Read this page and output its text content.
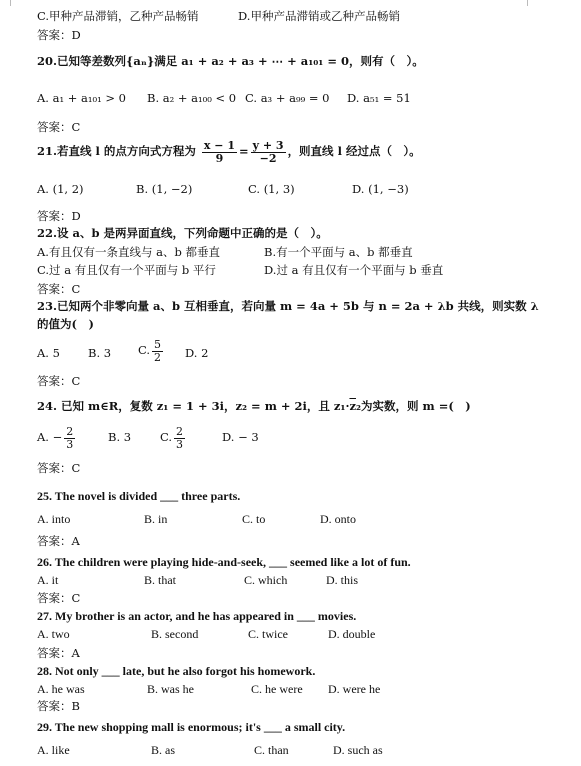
C.甲种产品滞销，乙种产品畅销	D.甲种产品滞销或乙种产品畅销
答案：D
20.已知等差数列{aₙ}满足 a₁ + a₂ + a₃ + ⋯ + a₁₀₁ = 0，则有（　）。
A. a₁ + a₁₀₁ > 0 B. a₂ + a₁₀₀ < 0 C. a₃ + a₉₉ = 0 D. a₅₁ = 51
答案：C
21.若直线 l 的点方向式方程为 $\frac{x - 1}{9} = \frac{y + 3}{-2}$ ，则直线 l 经过点（　）。
A. (1, 2)	B. (1, −2)	C. (1, 3)	D. (1, −3)
答案：D
22.设 a、b 是两异面直线，下列命题中正确的是（　）。
A.有且仅有一条直线与 a、b 都垂直	B.有一个平面与 a、b 都垂直
C.过 a 有且仅有一个平面与 b 平行	D.过 a 有且仅有一个平面与 b 垂直
答案：C
23.已知两个非零向量 a、b 互相垂直，若向量 m = 4a + 5b 与 n = 2a + λb 共线，则实数 λ
的值为(　)
A. 5 B. 3 C. $\frac{5}{2} D$. 2
答案：C
24. 已知 m∈R，复数 z₁ = 1 + 3i，z₂ = m + 2i，且 $z_1\cdot\overline{z}_2$为实数，则 m =(　)
A. − $\frac{2}{3}$	B. 3	C. $\frac{2}{3}$	D. − 3
答案：C
25. The novel is divided ___ three parts.
A. into	B. in	C. to	D. onto
答案：A
26. The children were playing hide-and-seek, ___ seemed like a lot of fun.
A. it	B. that	C. which	D. this
答案：C
27. My brother is an actor, and he has appeared in ___ movies.
A. two	B. second	C. twice	D. double
答案：A
28. Not only ___ late, but he also forgot his homework.
A. he was	B. was he	C. he were D. were he
答案：B
29. The new shopping mall is enormous; it's ___ a small city.
A. like	B. as	C. than	D. such as
